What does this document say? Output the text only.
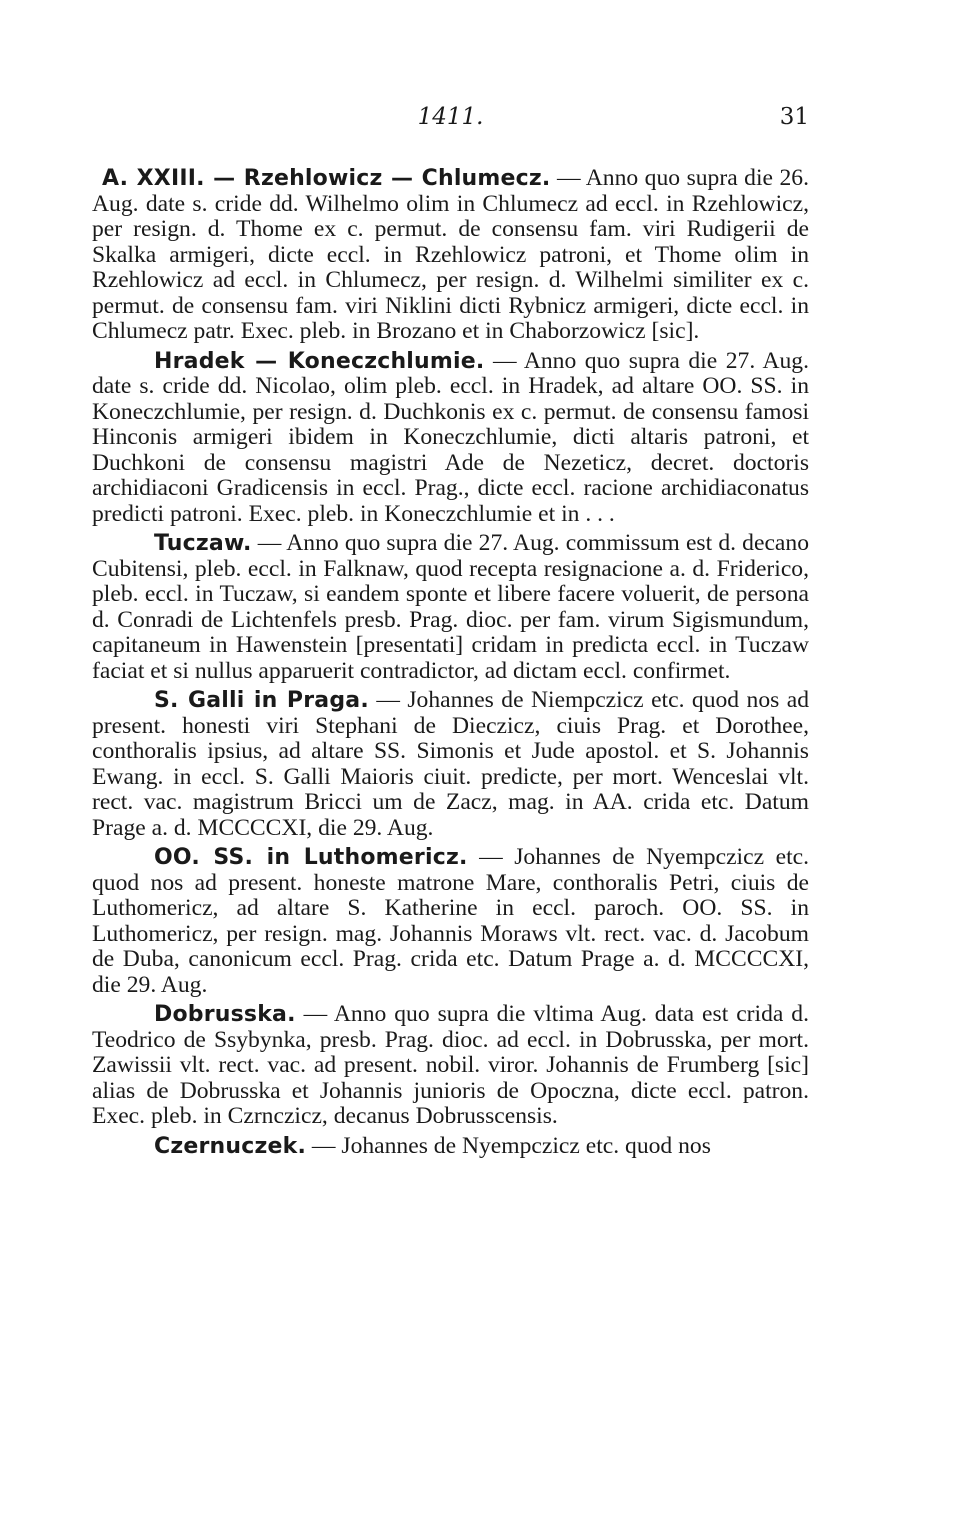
1411.	31

A. XXIII. — Rzehlowicz — Chlumecz. — Anno quo supra die 26. Aug. date s. cride dd. Wilhelmo olim in Chlumecz ad eccl. in Rzehlowicz, per resign. d. Thome ex c. permut. de consensu fam. viri Rudigerii de Skalka armigeri, dicte eccl. in Rzehlowicz patroni, et Thome olim in Rzehlowicz ad eccl. in Chlumecz, per resign. d. Wilhelmi similiter ex c. permut. de consensu fam. viri Niklini dicti Rybnicz armigeri, dicte eccl. in Chlumecz patr. Exec. pleb. in Brozano et in Chaborzowicz [sic].

Hradek — Koneczchlumie. — Anno quo supra die 27. Aug. date s. cride dd. Nicolao, olim pleb. eccl. in Hradek, ad altare OO. SS. in Koneczchlumie, per resign. d. Duchkonis ex c. permut. de consensu famosi Hinconis armigeri ibidem in Koneczchlumie, dicti altaris patroni, et Duchkoni de consensu magistri Ade de Nezeticz, decret. doctoris archidiaconi Gradicensis in eccl. Prag., dicte eccl. racione archidiaconatus predicti patroni. Exec. pleb. in Koneczchlumie et in . . .

Tuczaw. — Anno quo supra die 27. Aug. commissum est d. decano Cubitensi, pleb. eccl. in Falknaw, quod recepta resignacione a. d. Friderico, pleb. eccl. in Tuczaw, si eandem sponte et libere facere voluerit, de persona d. Conradi de Lichtenfels presb. Prag. dioc. per fam. virum Sigismundum, capitaneum in Hawenstein [presentati] cridam in predicta eccl. in Tuczaw faciat et si nullus apparuerit contradictor, ad dictam eccl. confirmet.

S. Galli in Praga. — Johannes de Niempczicz etc. quod nos ad present. honesti viri Stephani de Dieczicz, ciuis Prag. et Dorothee, conthoralis ipsius, ad altare SS. Simonis et Jude apostol. et S. Johannis Ewang. in eccl. S. Galli Maioris ciuit. predicte, per mort. Wenceslai vlt. rect. vac. magistrum Bricci um de Zacz, mag. in AA. crida etc. Datum Prage a. d. MCCCCXI, die 29. Aug.

OO. SS. in Luthomericz. — Johannes de Nyempczicz etc. quod nos ad present. honeste matrone Mare, conthoralis Petri, ciuis de Luthomericz, ad altare S. Katherine in eccl. paroch. OO. SS. in Luthomericz, per resign. mag. Johannis Moraws vlt. rect. vac. d. Jacobum de Duba, canonicum eccl. Prag. crida etc. Datum Prage a. d. MCCCCXI, die 29. Aug.

Dobrusska. — Anno quo supra die vltima Aug. data est crida d. Teodrico de Ssybynka, presb. Prag. dioc. ad eccl. in Dobrusska, per mort. Zawissii vlt. rect. vac. ad present. nobil. viror. Johannis de Frumberg [sic] alias de Dobrusska et Johannis junioris de Opoczna, dicte eccl. patron. Exec. pleb. in Czrnczicz, decanus Dobrusscensis.

Czernuczek. — Johannes de Nyempczicz etc. quod nos
